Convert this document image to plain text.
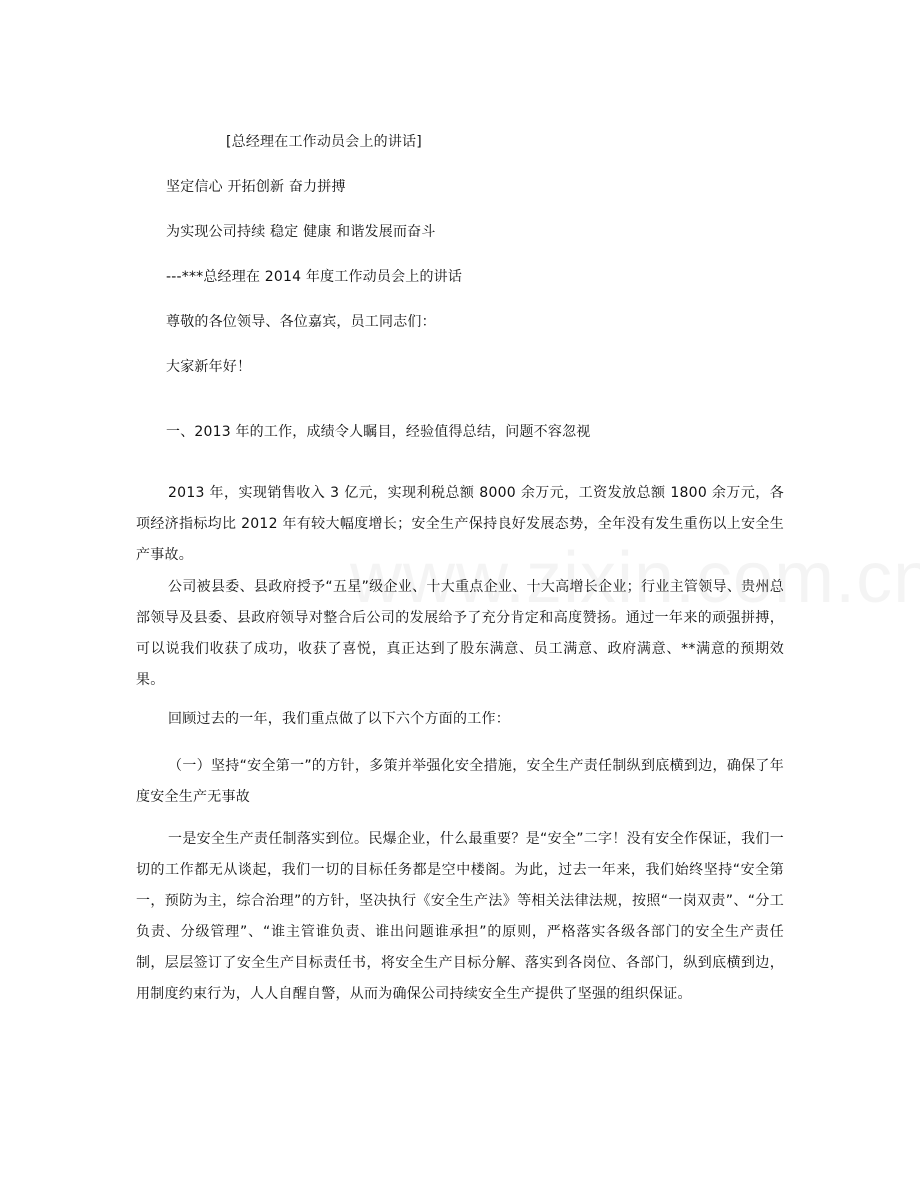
[总经理在工作动员会上的讲话]
坚定信心 开拓创新 奋力拼搏
为实现公司持续 稳定 健康 和谐发展而奋斗
---***总经理在 2014 年度工作动员会上的讲话
尊敬的各位领导、各位嘉宾，员工同志们：
大家新年好！
一、2013 年的工作，成绩令人瞩目，经验值得总结，问题不容忽视
2013 年，实现销售收入 3 亿元，实现利税总额 8000 余万元，工资发放总额 1800 余万元，各项经济指标均比 2012 年有较大幅度增长；安全生产保持良好发展态势，全年没有发生重伤以上安全生产事故。
公司被县委、县政府授予“五星”级企业、十大重点企业、十大高增长企业；行业主管领导、贵州总部领导及县委、县政府领导对整合后公司的发展给予了充分肯定和高度赞扬。通过一年来的顽强拼搏，可以说我们收获了成功，收获了喜悦，真正达到了股东满意、员工满意、政府满意、**满意的预期效果。
回顾过去的一年，我们重点做了以下六个方面的工作：
（一）坚持“安全第一”的方针，多策并举强化安全措施，安全生产责任制纵到底横到边，确保了年度安全生产无事故
一是安全生产责任制落实到位。民爆企业，什么最重要？是“安全”二字！没有安全作保证，我们一切的工作都无从谈起，我们一切的目标任务都是空中楼阁。为此，过去一年来，我们始终坚持“安全第一，预防为主，综合治理”的方针，坚决执行《安全生产法》等相关法律法规，按照“一岗双责”、“分工负责、分级管理”、“谁主管谁负责、谁出问题谁承担”的原则，严格落实各级各部门的安全生产责任制，层层签订了安全生产目标责任书，将安全生产目标分解、落实到各岗位、各部门，纵到底横到边，用制度约束行为，人人自醒自警，从而为确保公司持续安全生产提供了坚强的组织保证。
